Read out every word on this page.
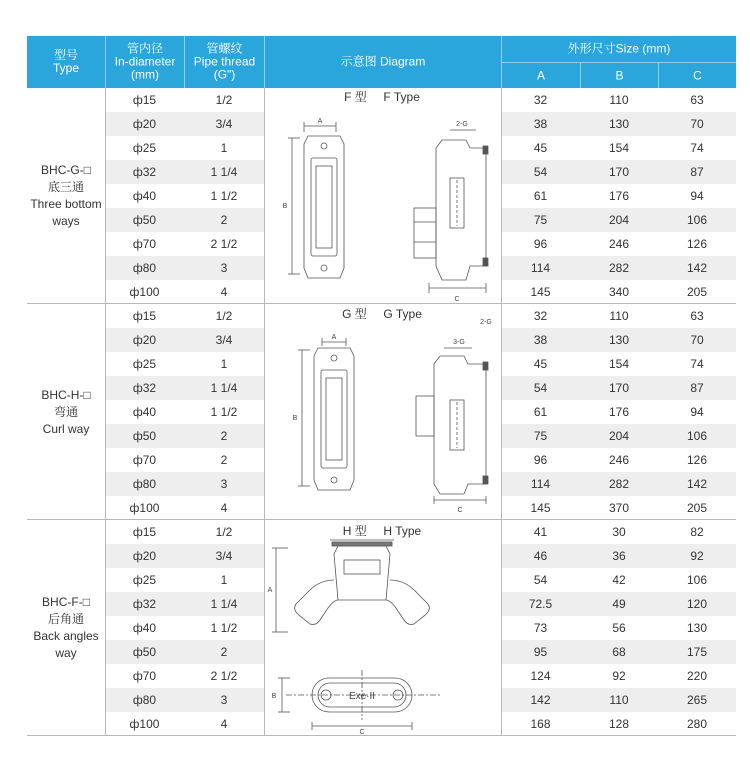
型号
Type
管内径
In-diameter
(mm)
管螺纹
Pipe thread
(G")
示意图 Diagram
外形尺寸Size (mm)
A	B	C
ф15	1/2	32	110	63
ф20	3/4	38	130	70
ф25	1	45	154	74
ф32	1 1/4	54	170	87
ф40	1 1/2	61	176	94
ф50	2	75	204	106
ф70	2 1/2	96	246	126
ф80	3	114	282	142
ф100	4	145	340	205
BHC-G-□
底三通
Three bottom
ways
ф15	1/2	32	110	63
ф20	3/4	38	130	70
ф25	1	45	154	74
ф32	1 1/4	54	170	87
ф40	1 1/2	61	176	94
ф50	2	75	204	106
ф70	2	96	246	126
ф80	3	114	282	142
ф100	4	145	370	205
BHC-H-□
弯通
Curl way
ф15	1/2	41	30	82
ф20	3/4	46	36	92
ф25	1	54	42	106
ф32	1 1/4	72.5	49	120
ф40	1 1/2	73	56	130
ф50	2	95	68	175
ф70	2 1/2	124	92	220
ф80	3	142	110	265
ф100	4	168	128	280
BHC-F-□
后角通
Back angles
way
F 型     F Type
A
B
C
2-G
G 型     G Type
A
B
C
3-G
2-G
H 型     H Type
A
B
C
Exe·II
